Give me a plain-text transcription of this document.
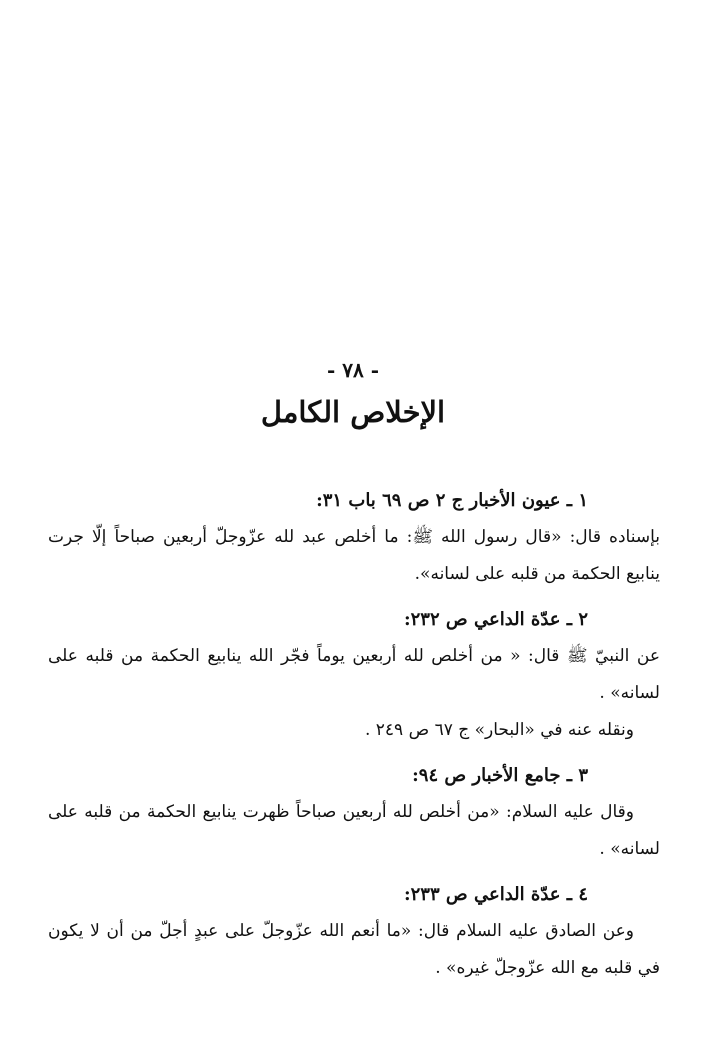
- ٧٨ -
الإخلاص الكامل
١ ـ عيون الأخبار ج ٢ ص ٦٩ باب ٣١:

بإسناده قال: «قال رسول الله ﷺ: ما أخلص عبد لله عزّوجلّ أربعين صباحاً إلّا جرت ينابيع الحكمة من قلبه على لسانه».

٢ ـ عدّة الداعي ص ٢٣٢:

عن النبيّ ﷺ قال: « من أخلص لله أربعين يوماً فجّر الله ينابيع الحكمة من قلبه على لسانه» .

ونقله عنه في «البحار» ج ٦٧ ص ٢٤٩ .

٣ ـ جامع الأخبار ص ٩٤:

وقال عليه السلام: «من أخلص لله أربعين صباحاً ظهرت ينابيع الحكمة من قلبه على لسانه» .

٤ ـ عدّة الداعي ص ٢٣٣:

وعن الصادق عليه السلام قال: «ما أنعم الله عزّوجلّ على عبدٍ أجلّ من أن لا يكون في قلبه مع الله عزّوجلّ غيره» .
